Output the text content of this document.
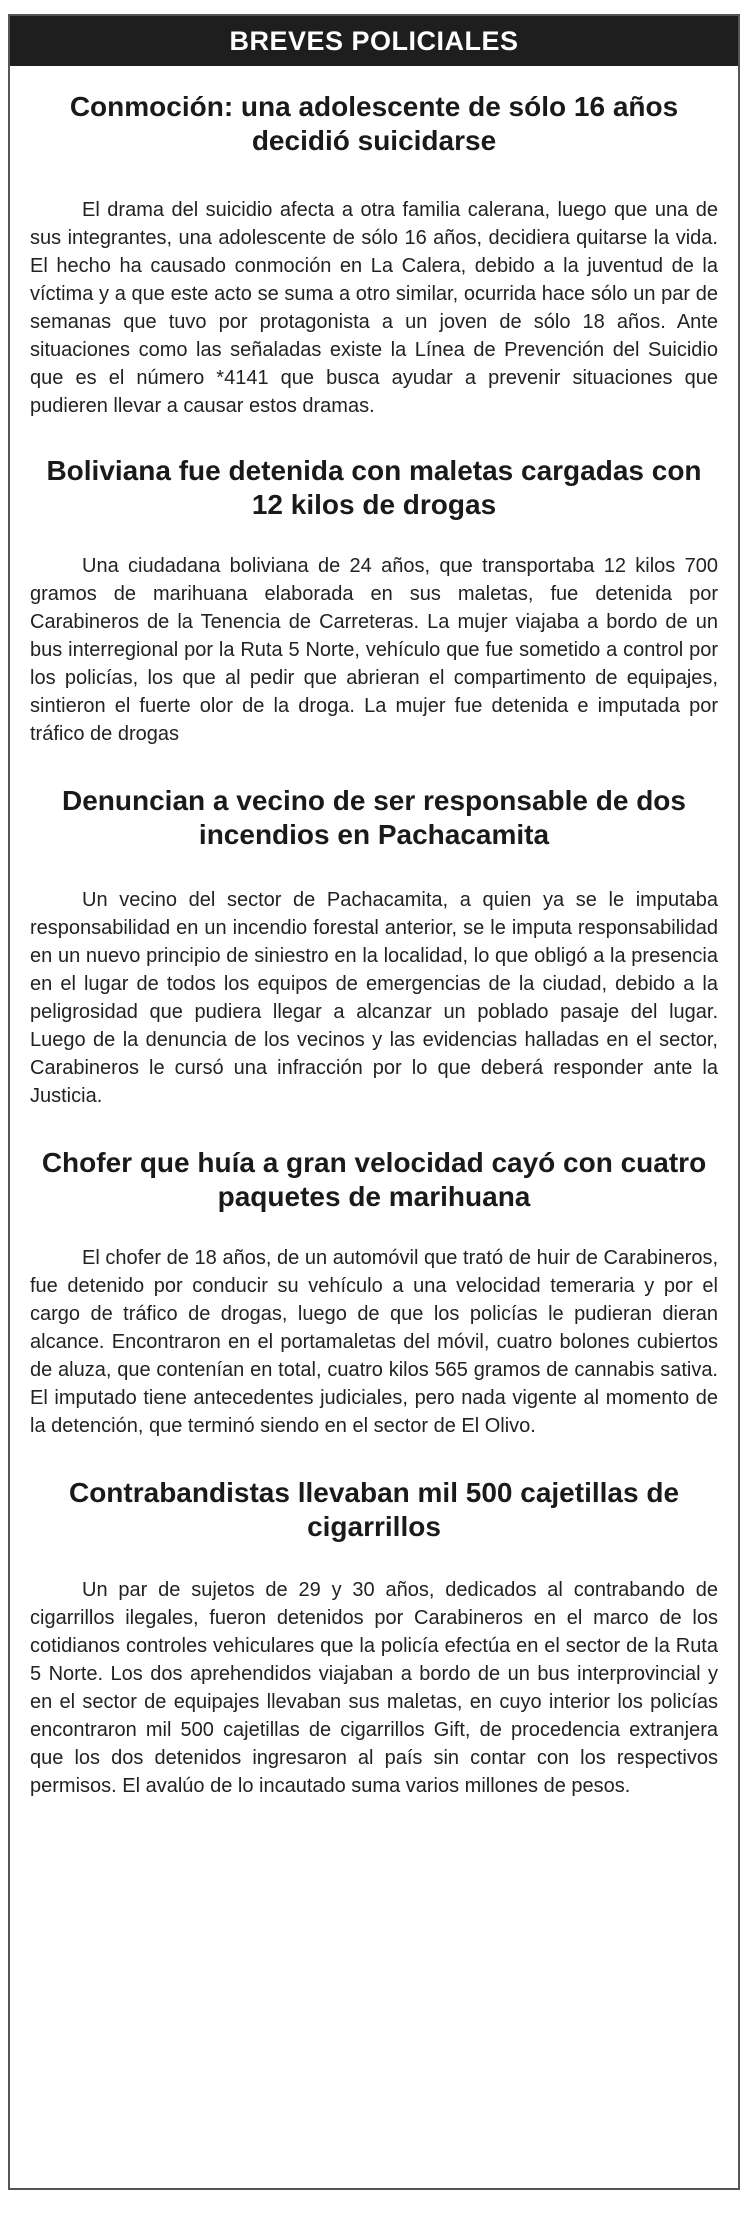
BREVES POLICIALES
Conmoción: una adolescente de sólo 16 años decidió suicidarse

El drama del suicidio afecta a otra familia calerana, luego que una de sus integrantes, una adolescente de sólo 16 años, decidiera quitarse la vida. El hecho ha causado conmoción en La Calera, debido a la juventud de la víctima y a que este acto se suma a otro similar, ocurrida hace sólo un par de semanas que tuvo por protagonista a un joven de sólo 18 años. Ante situaciones como las señaladas existe la Línea de Prevención del Suicidio que es el número *4141 que busca ayudar a prevenir situaciones que pudieren llevar a causar estos dramas.

Boliviana fue detenida con maletas cargadas con 12 kilos de drogas

Una ciudadana boliviana de 24 años, que transportaba 12 kilos 700 gramos de marihuana elaborada en sus maletas, fue detenida por Carabineros de la Tenencia de Carreteras. La mujer viajaba a bordo de un bus interregional por la Ruta 5 Norte, vehículo que fue sometido a control por los policías, los que al pedir que abrieran el compartimento de equipajes, sintieron el fuerte olor de la droga. La mujer fue detenida e imputada por tráfico de drogas

Denuncian a vecino de ser responsable de dos incendios en Pachacamita

Un vecino del sector de Pachacamita, a quien ya se le imputaba responsabilidad en un incendio forestal anterior, se le imputa responsabilidad en un nuevo principio de siniestro en la localidad, lo que obligó a la presencia en el lugar de todos los equipos de emergencias de la ciudad, debido a la peligrosidad que pudiera llegar a alcanzar un poblado pasaje del lugar. Luego de la denuncia de los vecinos y las evidencias halladas en el sector, Carabineros le cursó una infracción por lo que deberá responder ante la Justicia.

Chofer que huía a gran velocidad cayó con cuatro paquetes de marihuana

El chofer de 18 años, de un automóvil que trató de huir de Carabineros, fue detenido por conducir su vehículo a una velocidad temeraria y por el cargo de tráfico de drogas, luego de que los policías le pudieran dieran alcance. Encontraron en el portamaletas del móvil, cuatro bolones cubiertos de aluza, que contenían en total, cuatro kilos 565 gramos de cannabis sativa. El imputado tiene antecedentes judiciales, pero nada vigente al momento de la detención, que terminó siendo en el sector de El Olivo.

Contrabandistas llevaban mil 500 cajetillas de cigarrillos

Un par de sujetos de 29 y 30 años, dedicados al contrabando de cigarrillos ilegales, fueron detenidos por Carabineros en el marco de los cotidianos controles vehiculares que la policía efectúa en el sector de la Ruta 5 Norte. Los dos aprehendidos viajaban a bordo de un bus interprovincial y en el sector de equipajes llevaban sus maletas, en cuyo interior los policías encontraron mil 500 cajetillas de cigarrillos Gift, de procedencia extranjera que los dos detenidos ingresaron al país sin contar con los respectivos permisos. El avalúo de lo incautado suma varios millones de pesos.
